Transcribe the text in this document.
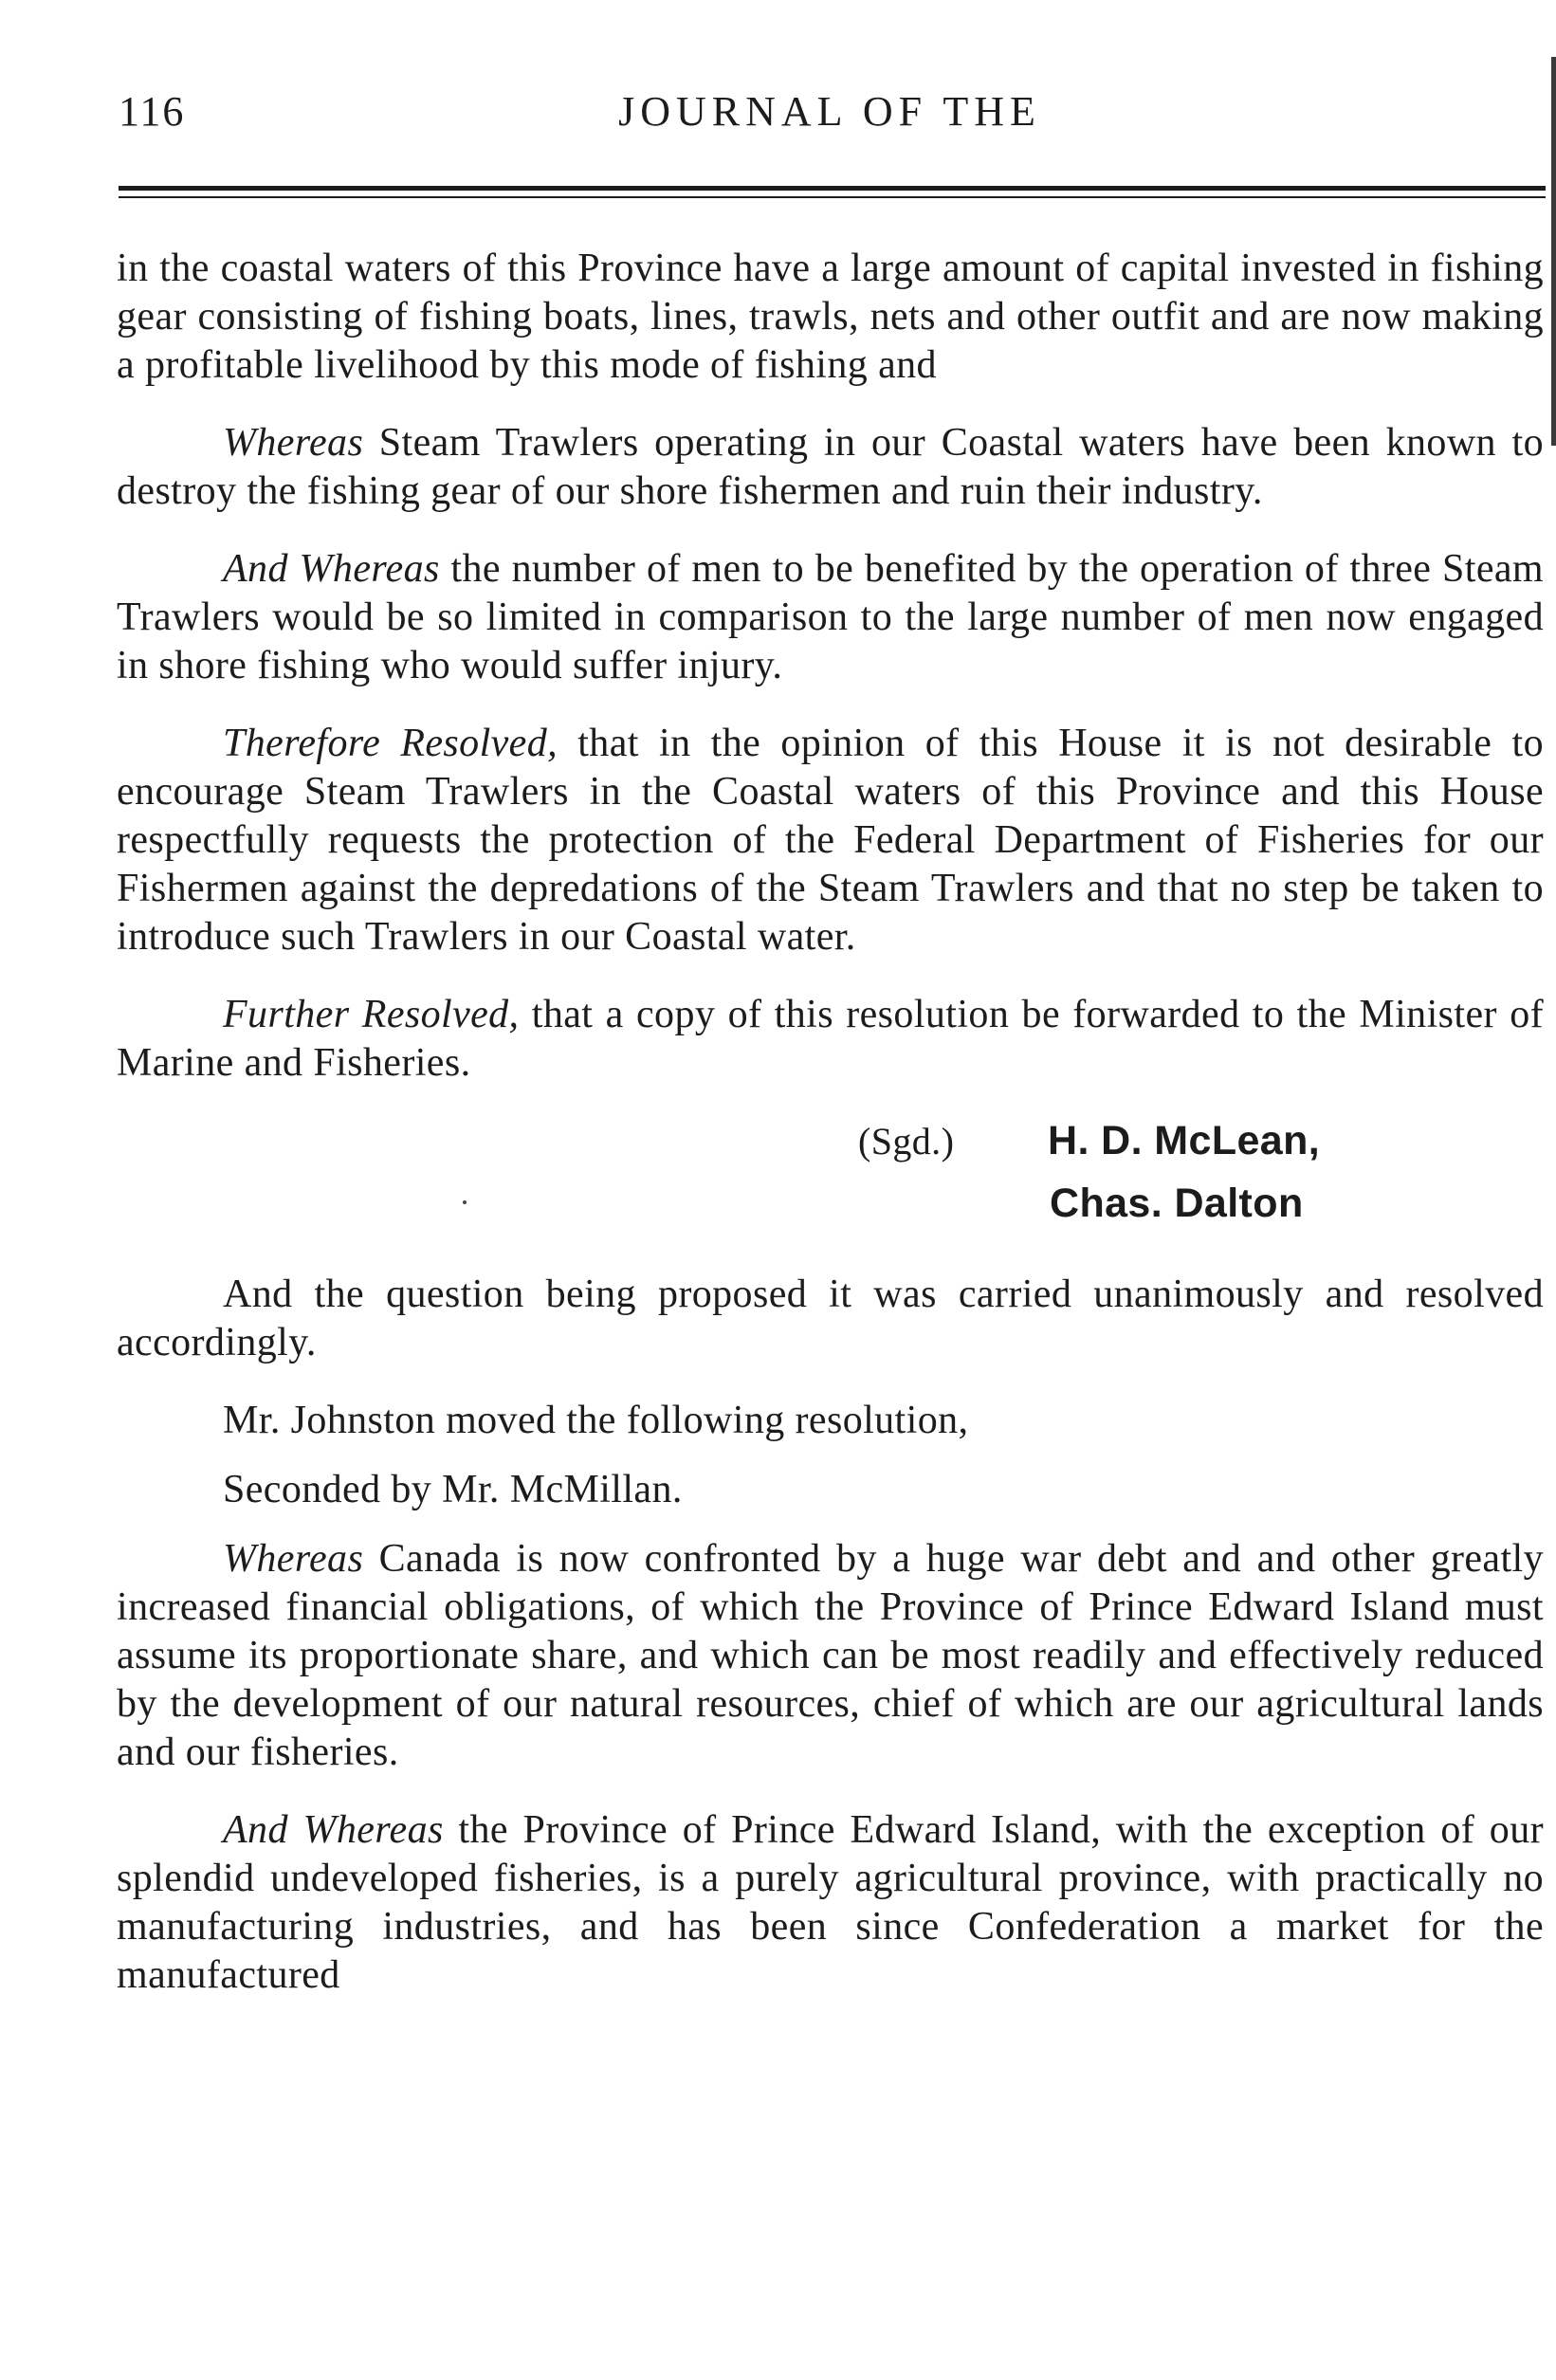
116	JOURNAL OF THE

in the coastal waters of this Province have a large amount of capital invested in fishing gear consisting of fishing boats, lines, trawls, nets and other outfit and are now making a profitable livelihood by this mode of fishing and

Whereas Steam Trawlers operating in our Coastal waters have been known to destroy the fishing gear of our shore fishermen and ruin their industry.

And Whereas the number of men to be benefited by the operation of three Steam Trawlers would be so limited in comparison to the large number of men now engaged in shore fishing who would suffer injury.

Therefore Resolved, that in the opinion of this House it is not desirable to encourage Steam Trawlers in the Coastal waters of this Province and this House respectfully requests the protection of the Federal Department of Fisheries for our Fishermen against the depredations of the Steam Trawlers and that no step be taken to introduce such Trawlers in our Coastal water.

Further Resolved, that a copy of this resolution be forwarded to the Minister of Marine and Fisheries.

(Sgd.) H. D. McLean,
Chas. Dalton

And the question being proposed it was carried unanimously and resolved accordingly.

Mr. Johnston moved the following resolution,

Seconded by Mr. McMillan.

Whereas Canada is now confronted by a huge war debt and and other greatly increased financial obligations, of which the Province of Prince Edward Island must assume its proportionate share, and which can be most readily and effectively reduced by the development of our natural resources, chief of which are our agricultural lands and our fisheries.

And Whereas the Province of Prince Edward Island, with the exception of our splendid undeveloped fisheries, is a purely agricultural province, with practically no manufacturing industries, and has been since Confederation a market for the manufactured
